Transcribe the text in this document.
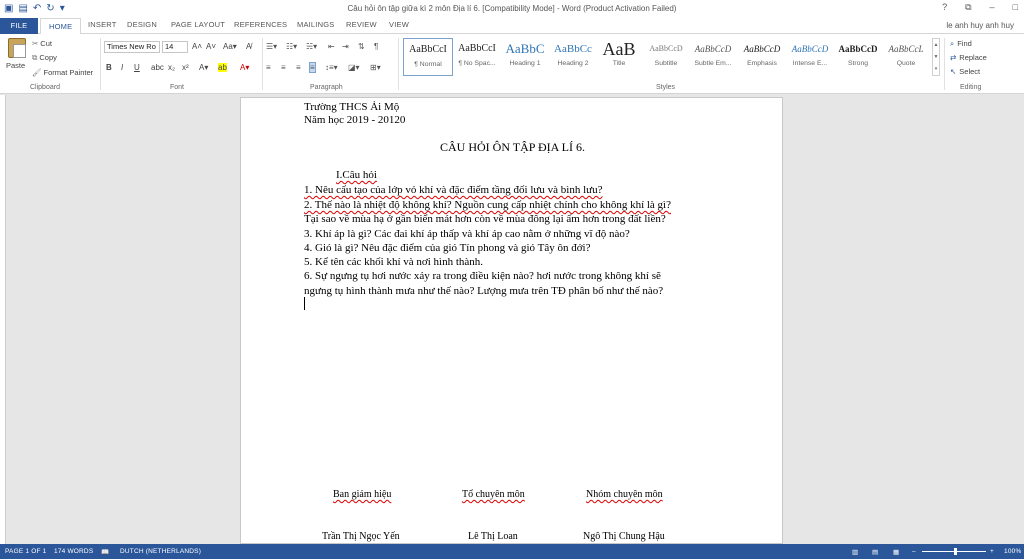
▣ ▤ ↶ ↻ ▾	Câu hỏi ôn tập giữa kì 2 môn Địa lí 6. [Compatibility Mode] - Word (Product Activation Failed)	? ⧉ – □
FILE	HOME	INSERT DESIGN PAGE LAYOUT REFERENCES MAILINGS REVIEW VIEW	le anh huy anh huy
Paste
✂ Cut
⧉ Copy
🖌 Format Painter
Clipboard
Times New Ro	14	A˄ A˅ Aa▾ A̸
B I U abc x₂ x² A▾ ab A▾
Font
☰▾ ☷▾ ☵▾ ⇤ ⇥ ⇅ ¶
≡ ≡ ≡ ≡ ↕≡▾ ◪▾ ⊞▾
Paragraph
AaBbCcI
¶ Normal
AaBbCcI
¶ No Spac...
AaBbC
Heading 1
AaBbCc
Heading 2
AaB
Title
AaBbCcD
Subtitle
AaBbCcD
Subtle Em...
AaBbCcD
Emphasis
AaBbCcD
Intense E...
AaBbCcD
Strong
AaBbCcL
Quote
▲
▼
▾
Styles
⌕ Find
⇄ Replace
↖ Select
Editing
Trường THCS Ải Mộ
Năm học 2019 - 20120
CÂU HỎI ÔN TẬP ĐỊA LÍ 6.
I.Câu hỏi
1. Nêu cấu tạo của lớp vỏ khí và đặc điểm tầng đối lưu và bình lưu?
2. Thế nào là nhiệt độ không khí? Nguồn cung cấp nhiệt chính cho không khí là gì?
Tại sao về mùa hạ ở gần biển mát hơn còn về mùa đông lại ấm hơn trong đất liền?
3. Khí áp là gì? Các đai khí áp thấp và khí áp cao nằm ở những vĩ độ nào?
4. Gió là gì? Nêu đặc điểm của gió Tín phong và gió Tây ôn đới?
5. Kể tên các khối khí và nơi hình thành.
6. Sự ngưng tụ hơi nước xảy ra trong điều kiện nào? hơi nước trong không khí sẽ
ngưng tụ hình thành mưa như thế nào? Lượng mưa trên TĐ phân bố như thế nào?
Ban giám hiệu	Tổ chuyên môn	Nhóm chuyên môn
Trần Thị Ngọc Yến	Lê Thị Loan	Ngô Thị Chung Hậu
PAGE 1 OF 1 174 WORDS 📖 DUTCH (NETHERLANDS)	▥ ▤ ▦ –	+ 100%
